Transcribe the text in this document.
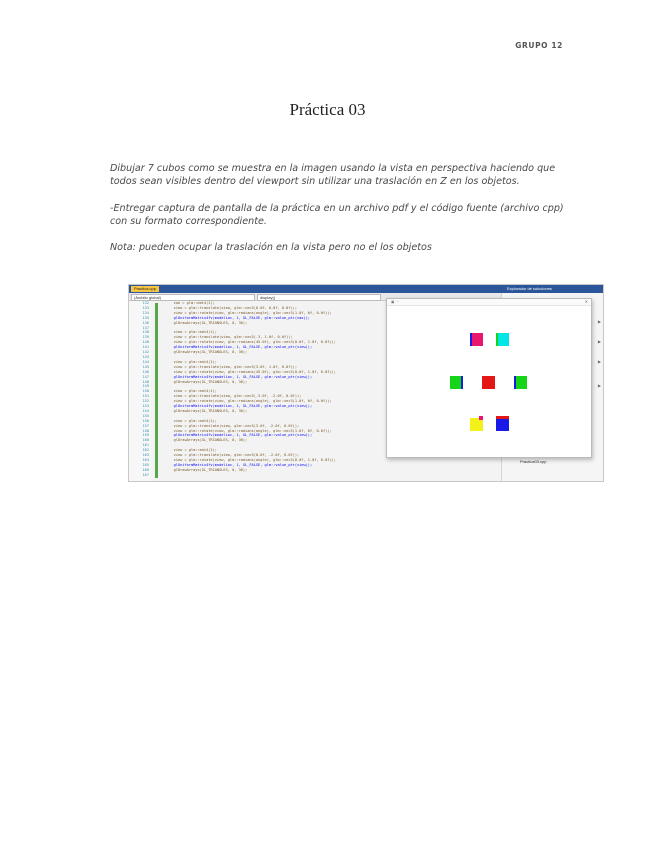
GRUPO 12
Práctica 03
Dibujar 7 cubos como se muestra en la imagen usando la vista en perspectiva haciendo que todos sean visibles dentro del viewport sin utilizar una traslación en Z en los objetos.
-Entregar captura de pantalla de la práctica en un archivo pdf y el código fuente (archivo cpp) con su formato correspondiente.
Nota: pueden ocupar la traslación en la vista pero no el los objetos
Practica.cpp	Explorador de soluciones
(Ámbito global)	display()
132
133
134
135
136
137
138
139
140
141
142
143
144
145
146
147
148
149
150
151
152
153
154
155
156
157
158
159
160
161
162
163
164
165
166
167
vao = glm::mat4(1);
view = glm::translate(view, glm::vec3(0.0f, 0.0f, 0.0f));
view = glm::rotate(view, glm::radians(angle), glm::vec3(1.0f, 0f, 0.0f));
glUniformMatrix4fv(modelLoc, 1, GL_FALSE, glm::value_ptr(vao));
glDrawArrays(GL_TRIANGLES, 0, 36);

view = glm::mat4(1);
view = glm::translate(view, glm::vec3(-3, 1.0f, 0.0f));
view = glm::rotate(view, glm::radians(45.0f), glm::vec3(0.0f, 1.0f, 0.0f));
glUniformMatrix4fv(modelLoc, 1, GL_FALSE, glm::value_ptr(view));
glDrawArrays(GL_TRIANGLES, 0, 36);

view = glm::mat4(1);
view = glm::translate(view, glm::vec3(3.0f, 1.0f, 0.0f));
view = glm::rotate(view, glm::radians(45.0f), glm::vec3(0.0f, 1.0f, 0.0f));
glUniformMatrix4fv(modelLoc, 1, GL_FALSE, glm::value_ptr(view));
glDrawArrays(GL_TRIANGLES, 0, 36);

view = glm::mat4(1);
view = glm::translate(view, glm::vec3(-3.0f, -2.0f, 0.0f));
view = glm::rotate(view, glm::radians(angle), glm::vec3(1.0f, 0f, 0.0f));
glUniformMatrix4fv(modelLoc, 1, GL_FALSE, glm::value_ptr(view));
glDrawArrays(GL_TRIANGLES, 0, 36);

view = glm::mat4(1);
view = glm::translate(view, glm::vec3(3.0f, -2.0f, 0.0f));
view = glm::rotate(view, glm::radians(angle), glm::vec3(1.0f, 0f, 0.0f));
glUniformMatrix4fv(modelLoc, 1, GL_FALSE, glm::value_ptr(view));
glDrawArrays(GL_TRIANGLES, 0, 36);

view = glm::mat4(1);
view = glm::translate(view, glm::vec3(0.0f, -2.0f, 0.0f));
view = glm::rotate(view, glm::radians(angle), glm::vec3(0.0f, 1.0f, 0.0f));
glUniformMatrix4fv(modelLoc, 1, GL_FALSE, glm::value_ptr(view));
glDrawArrays(GL_TRIANGLES, 0, 36);
▶
▶
▶
▶
Practica03.cpp
▣ ···	✕
